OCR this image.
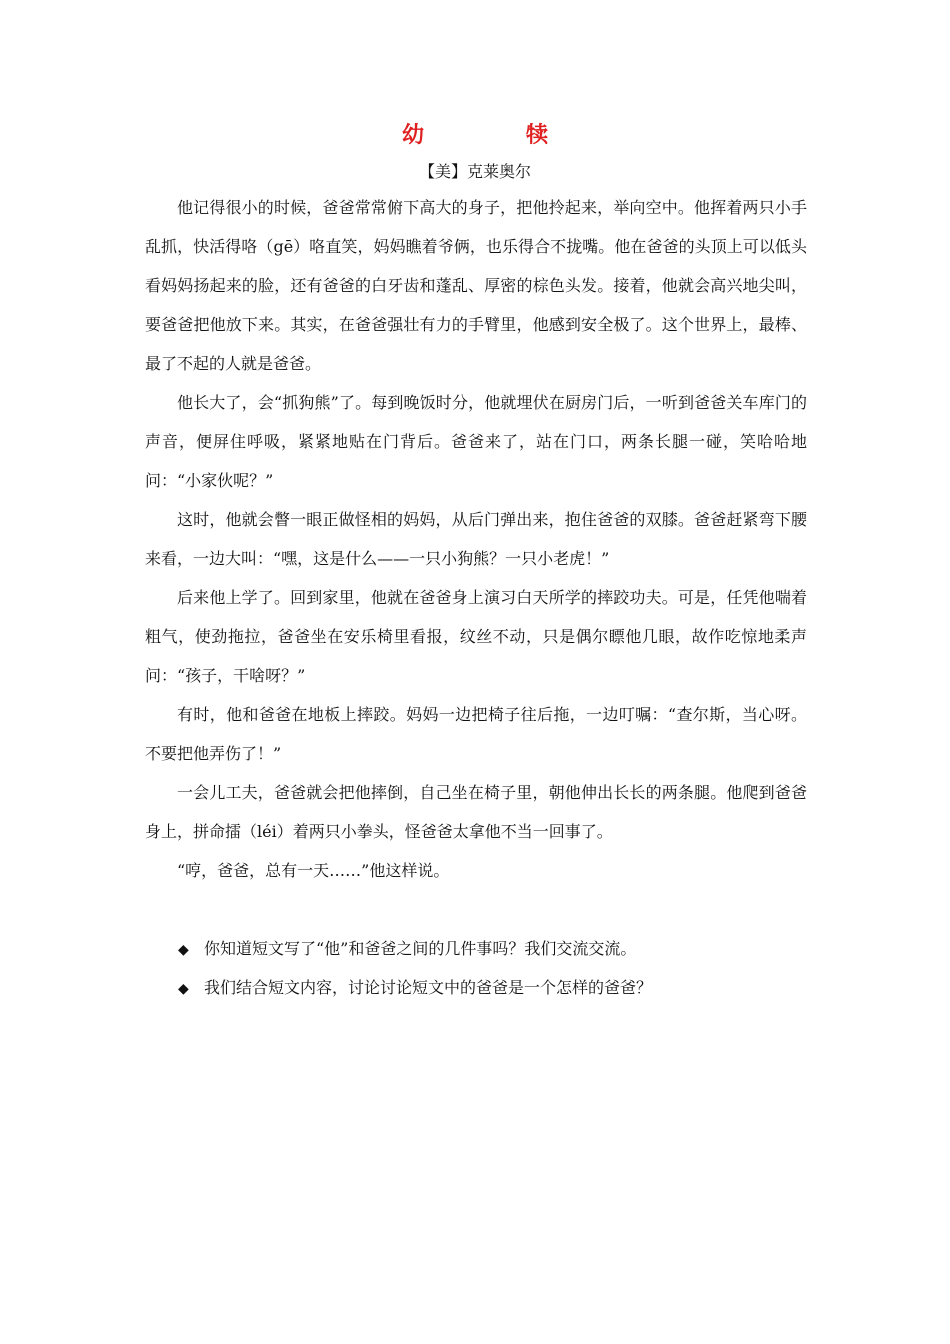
幼　犊
【美】克莱奥尔

他记得很小的时候，爸爸常常俯下高大的身子，把他拎起来，举向空中。他挥着两只小手乱抓，快活得咯（gē）咯直笑，妈妈瞧着爷俩，也乐得合不拢嘴。他在爸爸的头顶上可以低头看妈妈扬起来的脸，还有爸爸的白牙齿和蓬乱、厚密的棕色头发。接着，他就会高兴地尖叫，要爸爸把他放下来。其实，在爸爸强壮有力的手臂里，他感到安全极了。这个世界上，最棒、最了不起的人就是爸爸。

他长大了，会“抓狗熊”了。每到晚饭时分，他就埋伏在厨房门后，一听到爸爸关车库门的声音，便屏住呼吸，紧紧地贴在门背后。爸爸来了，站在门口，两条长腿一碰，笑哈哈地问：“小家伙呢？”

这时，他就会瞥一眼正做怪相的妈妈，从后门弹出来，抱住爸爸的双膝。爸爸赶紧弯下腰来看，一边大叫：“嘿，这是什么——一只小狗熊？一只小老虎！”

后来他上学了。回到家里，他就在爸爸身上演习白天所学的摔跤功夫。可是，任凭他喘着粗气，使劲拖拉，爸爸坐在安乐椅里看报，纹丝不动，只是偶尔瞟他几眼，故作吃惊地柔声问：“孩子，干啥呀？”

有时，他和爸爸在地板上摔跤。妈妈一边把椅子往后拖，一边叮嘱：“查尔斯，当心呀。不要把他弄伤了！”

一会儿工夫，爸爸就会把他摔倒，自己坐在椅子里，朝他伸出长长的两条腿。他爬到爸爸身上，拼命擂（léi）着两只小拳头，怪爸爸太拿他不当一回事了。

“哼，爸爸，总有一天……”他这样说。

◆ 你知道短文写了“他”和爸爸之间的几件事吗？我们交流交流。
◆ 我们结合短文内容，讨论讨论短文中的爸爸是一个怎样的爸爸？
